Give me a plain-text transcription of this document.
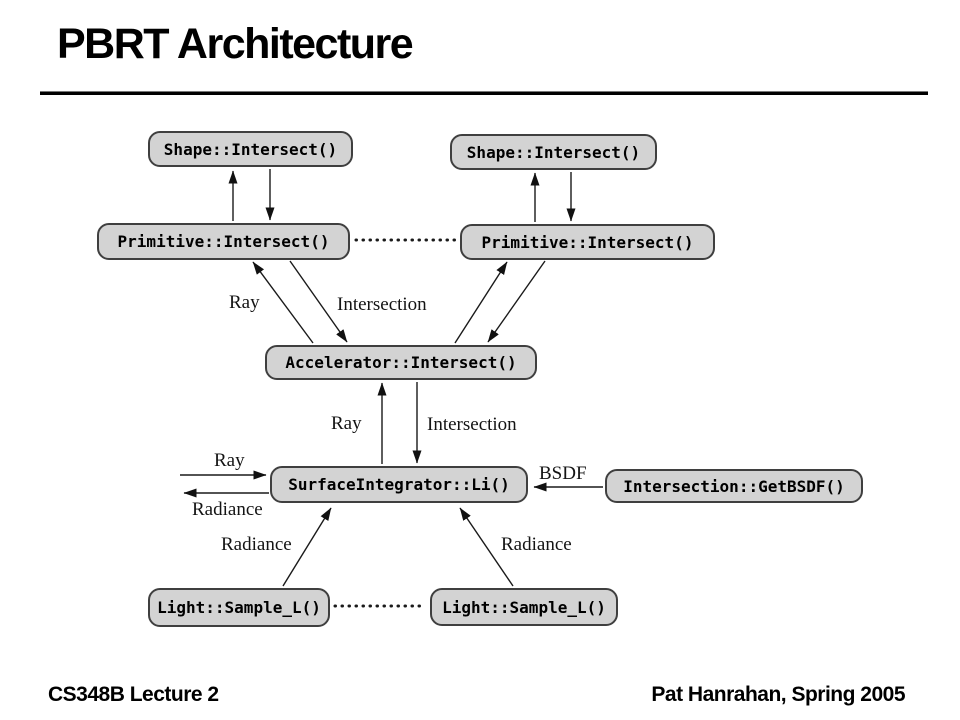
PBRT Architecture
Shape::Intersect()	Shape::Intersect()
Primitive::Intersect()	Primitive::Intersect()
Accelerator::Intersect()
SurfaceIntegrator::Li()	Intersection::GetBSDF()
Light::Sample_L()	Light::Sample_L()
Ray	Intersection
Ray	Intersection
Ray
Radiance
BSDF
Radiance	Radiance
CS348B Lecture 2	Pat Hanrahan, Spring 2005
